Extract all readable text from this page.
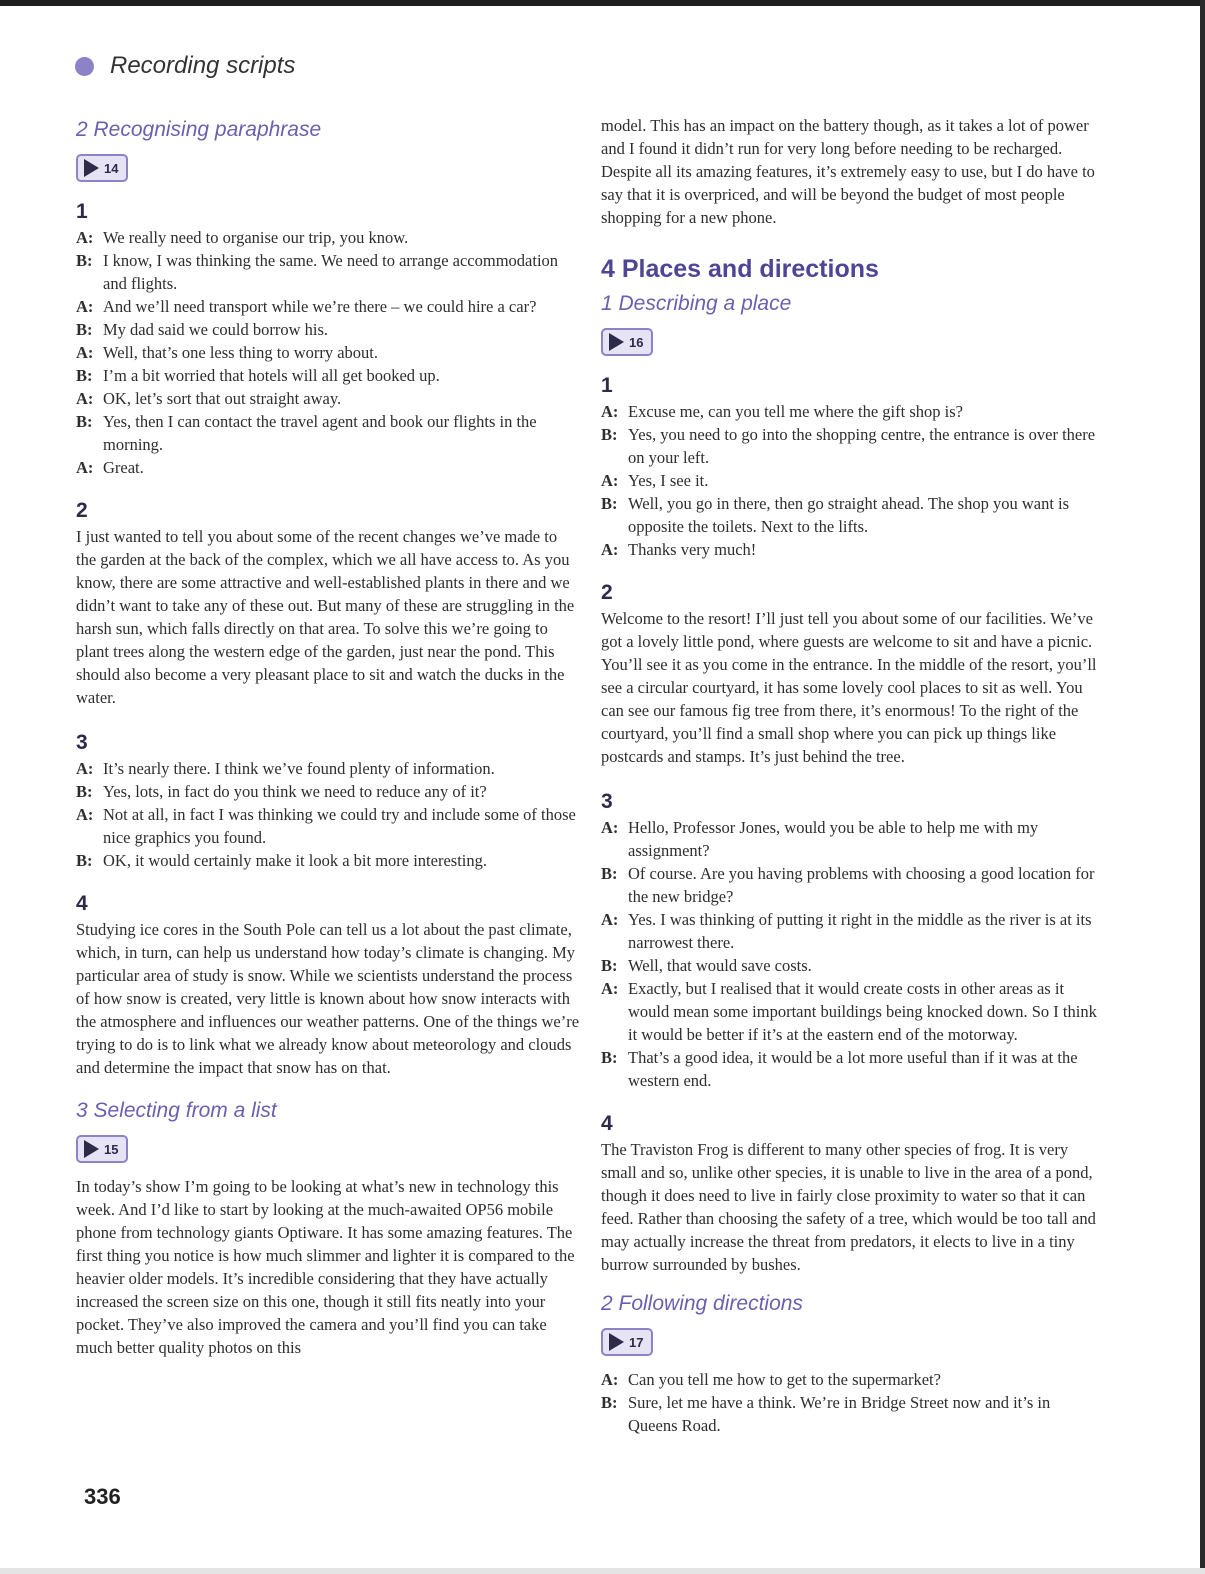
Recording scripts
2 Recognising paraphrase
14
1
A: We really need to organise our trip, you know.
B: I know, I was thinking the same. We need to arrange accommodation and flights.
A: And we’ll need transport while we’re there – we could hire a car?
B: My dad said we could borrow his.
A: Well, that’s one less thing to worry about.
B: I’m a bit worried that hotels will all get booked up.
A: OK, let’s sort that out straight away.
B: Yes, then I can contact the travel agent and book our flights in the morning.
A: Great.
2

I just wanted to tell you about some of the recent changes we’ve made to the garden at the back of the complex, which we all have access to. As you know, there are some attractive and well-established plants in there and we didn’t want to take any of these out. But many of these are struggling in the harsh sun, which falls directly on that area. To solve this we’re going to plant trees along the western edge of the garden, just near the pond. This should also become a very pleasant place to sit and watch the ducks in the water.

3
A: It’s nearly there. I think we’ve found plenty of information.
B: Yes, lots, in fact do you think we need to reduce any of it?
A: Not at all, in fact I was thinking we could try and include some of those nice graphics you found.
B: OK, it would certainly make it look a bit more interesting.
4

Studying ice cores in the South Pole can tell us a lot about the past climate, which, in turn, can help us understand how today’s climate is changing. My particular area of study is snow. While we scientists understand the process of how snow is created, very little is known about how snow interacts with the atmosphere and influences our weather patterns. One of the things we’re trying to do is to link what we already know about meteorology and clouds and determine the impact that snow has on that.

3 Selecting from a list
15

In today’s show I’m going to be looking at what’s new in technology this week. And I’d like to start by looking at the much-awaited OP56 mobile phone from technology giants Optiware. It has some amazing features. The first thing you notice is how much slimmer and lighter it is compared to the heavier older models. It’s incredible considering that they have actually increased the screen size on this one, though it still fits neatly into your pocket. They’ve also improved the camera and you’ll find you can take much better quality photos on this

model. This has an impact on the battery though, as it takes a lot of power and I found it didn’t run for very long before needing to be recharged. Despite all its amazing features, it’s extremely easy to use, but I do have to say that it is overpriced, and will be beyond the budget of most people shopping for a new phone.

4 Places and directions
1 Describing a place
16
1
A: Excuse me, can you tell me where the gift shop is?
B: Yes, you need to go into the shopping centre, the entrance is over there on your left.
A: Yes, I see it.
B: Well, you go in there, then go straight ahead. The shop you want is opposite the toilets. Next to the lifts.
A: Thanks very much!
2

Welcome to the resort! I’ll just tell you about some of our facilities. We’ve got a lovely little pond, where guests are welcome to sit and have a picnic. You’ll see it as you come in the entrance. In the middle of the resort, you’ll see a circular courtyard, it has some lovely cool places to sit as well. You can see our famous fig tree from there, it’s enormous! To the right of the courtyard, you’ll find a small shop where you can pick up things like postcards and stamps. It’s just behind the tree.

3
A: Hello, Professor Jones, would you be able to help me with my assignment?
B: Of course. Are you having problems with choosing a good location for the new bridge?
A: Yes. I was thinking of putting it right in the middle as the river is at its narrowest there.
B: Well, that would save costs.
A: Exactly, but I realised that it would create costs in other areas as it would mean some important buildings being knocked down. So I think it would be better if it’s at the eastern end of the motorway.
B: That’s a good idea, it would be a lot more useful than if it was at the western end.
4

The Traviston Frog is different to many other species of frog. It is very small and so, unlike other species, it is unable to live in the area of a pond, though it does need to live in fairly close proximity to water so that it can feed. Rather than choosing the safety of a tree, which would be too tall and may actually increase the threat from predators, it elects to live in a tiny burrow surrounded by bushes.

2 Following directions
17
A: Can you tell me how to get to the supermarket?
B: Sure, let me have a think. We’re in Bridge Street now and it’s in Queens Road.
336
